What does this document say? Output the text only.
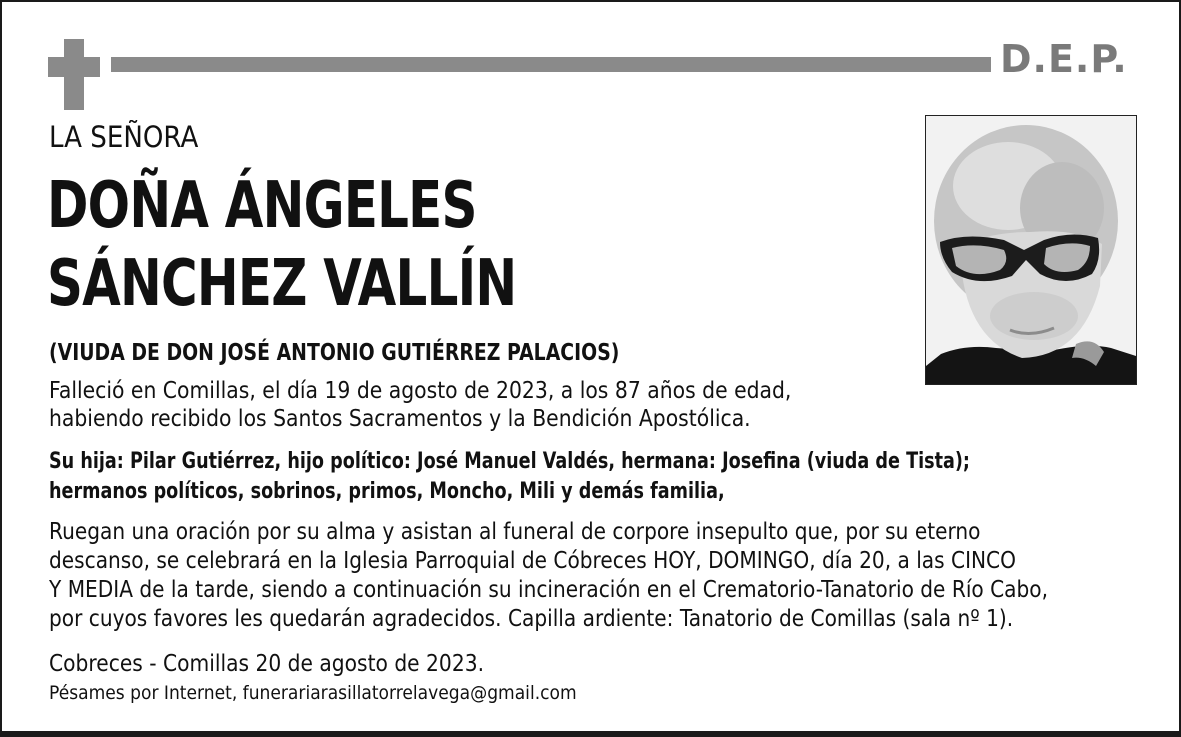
D.E.P.
LA SEÑORA
DOÑA ÁNGELES
SÁNCHEZ VALLÍN
(VIUDA DE DON JOSÉ ANTONIO GUTIÉRREZ PALACIOS)
Falleció en Comillas, el día 19 de agosto de 2023, a los 87 años de edad,
habiendo recibido los Santos Sacramentos y la Bendición Apostólica.
Su hija: Pilar Gutiérrez, hijo político: José Manuel Valdés, hermana: Josefina (viuda de Tista);
hermanos políticos, sobrinos, primos, Moncho, Mili y demás familia,
Ruegan una oración por su alma y asistan al funeral de corpore insepulto que, por su eterno
descanso, se celebrará en la Iglesia Parroquial de Cóbreces HOY, DOMINGO, día 20, a las CINCO
Y MEDIA de la tarde, siendo a continuación su incineración en el Crematorio-Tanatorio de Río Cabo,
por cuyos favores les quedarán agradecidos. Capilla ardiente: Tanatorio de Comillas (sala nº 1).
Cobreces - Comillas 20 de agosto de 2023.
Pésames por Internet, funerariarasillatorrelavega@gmail.com
